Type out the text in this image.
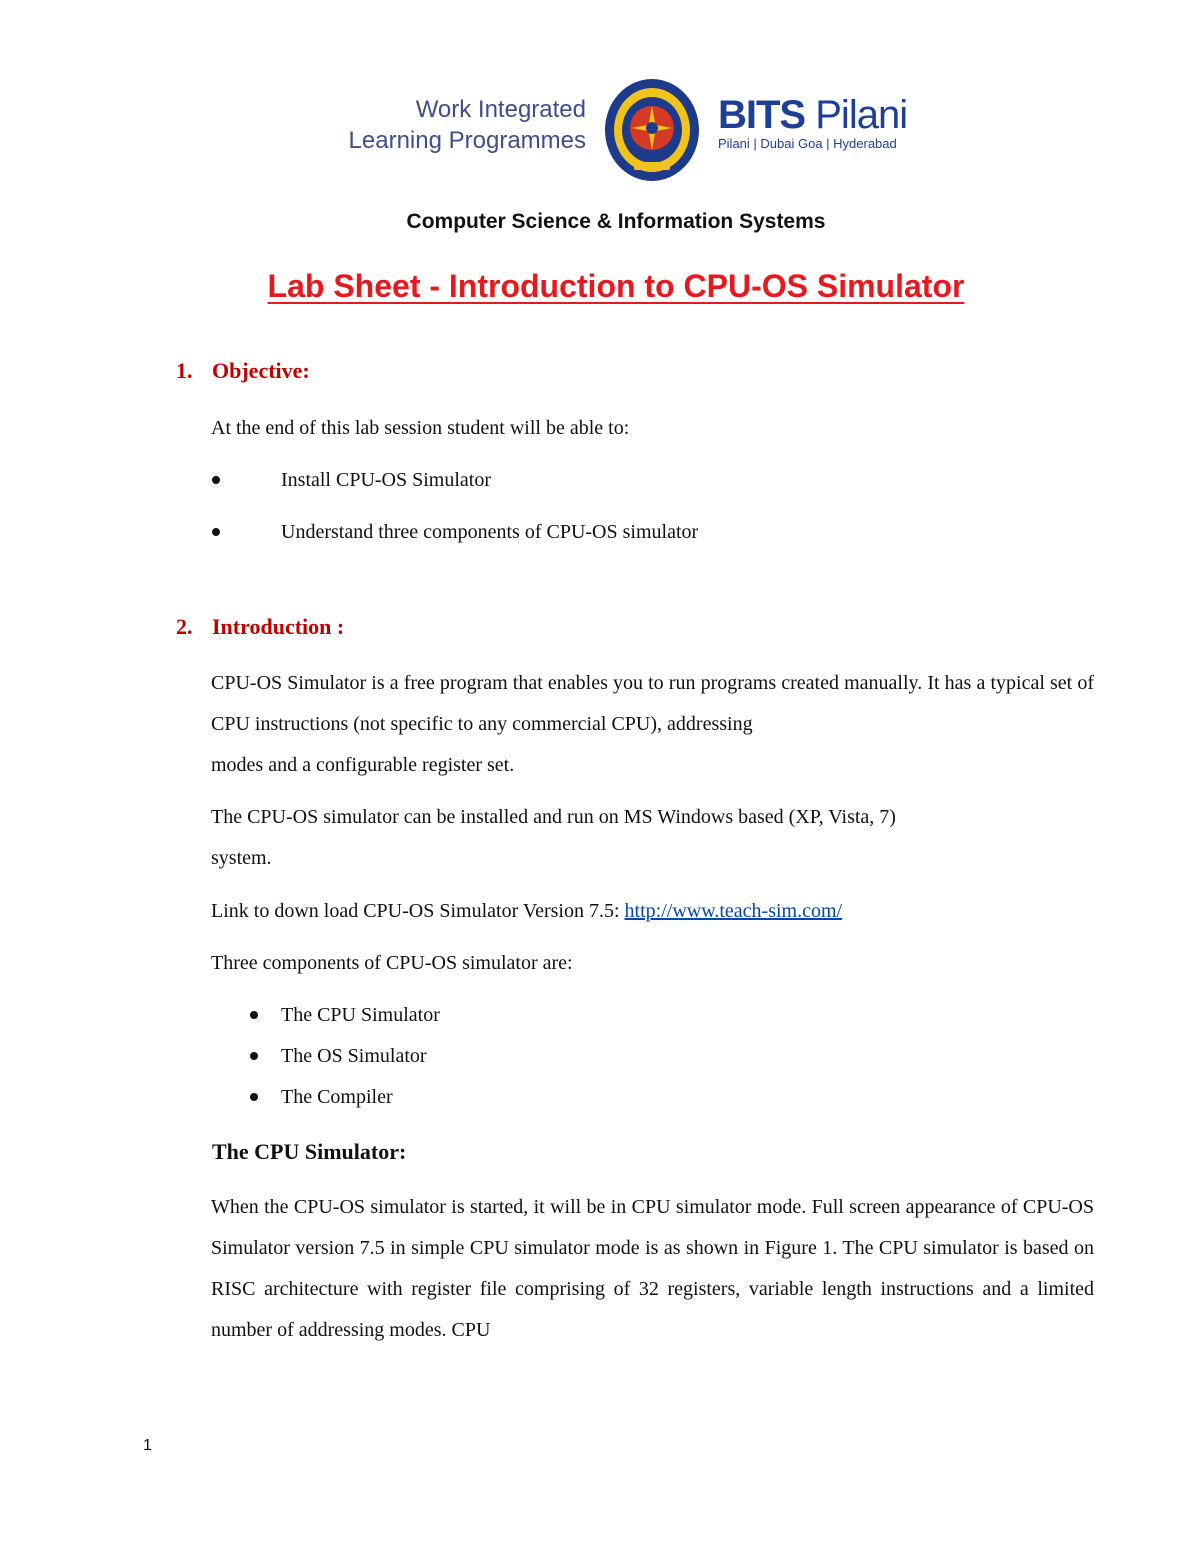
Work Integrated
Learning Programmes
BITS Pilani
Pilani | Dubai Goa | Hyderabad
Computer Science & Information Systems
Lab Sheet - Introduction to CPU-OS Simulator
1. Objective:
At the end of this lab session student will be able to:
Install CPU-OS Simulator
Understand three components of CPU-OS simulator
2. Introduction :
CPU-OS Simulator is a free program that enables you to run programs created manually. It has a typical set of CPU instructions (not specific to any commercial CPU), addressing
modes and a configurable register set.
The CPU-OS simulator can be installed and run on MS Windows based (XP, Vista, 7)
system.
Link to down load CPU-OS Simulator Version 7.5: http://www.teach-sim.com/
Three components of CPU-OS simulator are:
The CPU Simulator
The OS Simulator
The Compiler
The CPU Simulator:
When the CPU-OS simulator is started, it will be in CPU simulator mode. Full screen appearance of CPU-OS Simulator version 7.5 in simple CPU simulator mode is as shown in Figure 1. The CPU simulator is based on RISC architecture with register file comprising of 32 registers, variable length instructions and a limited number of addressing modes. CPU
1
